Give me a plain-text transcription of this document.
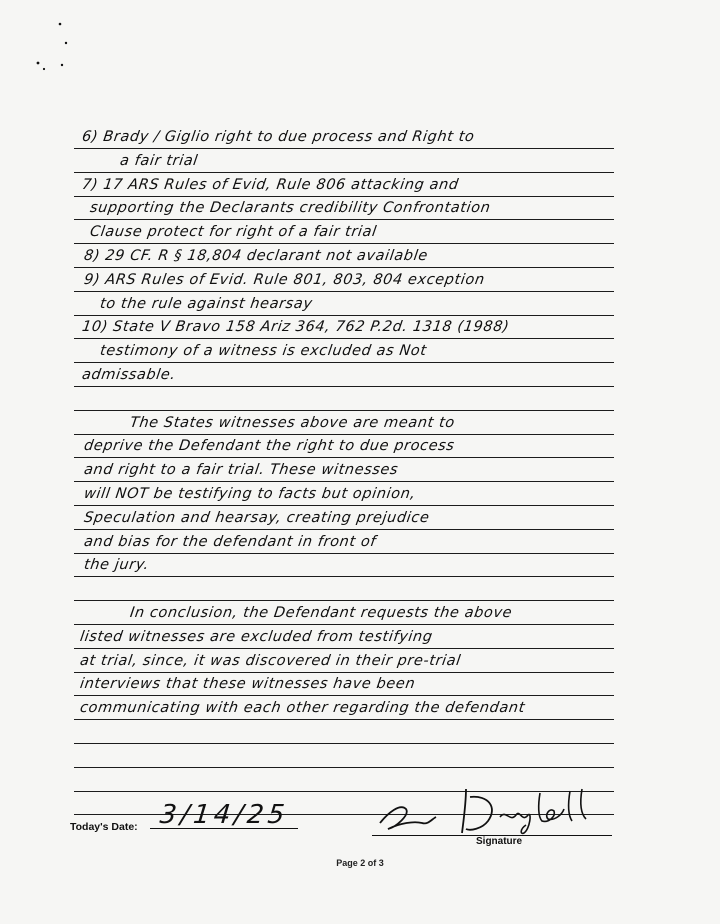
6) Brady / Giglio right to due process and Right to
a fair trial
7) 17 ARS Rules of Evid, Rule 806 attacking and
supporting the Declarants credibility Confrontation
Clause protect for right of a fair trial
8) 29 CF. R § 18,804 declarant not available
9) ARS Rules of Evid. Rule 801, 803, 804 exception
to the rule against hearsay
10) State V Bravo 158 Ariz 364, 762 P.2d. 1318 (1988)
testimony of a witness is excluded as Not
admissable.
The States witnesses above are meant to
deprive the Defendant the right to due process
and right to a fair trial. These witnesses
will NOT be testifying to facts but opinion,
Speculation and hearsay, creating prejudice
and bias for the defendant in front of
the jury.
In conclusion, the Defendant requests the above
listed witnesses are excluded from testifying
at trial, since, it was discovered in their pre-trial
interviews that these witnesses have been
communicating with each other regarding the defendant
Today's Date: 3/14/25
Signature
Page 2 of 3
